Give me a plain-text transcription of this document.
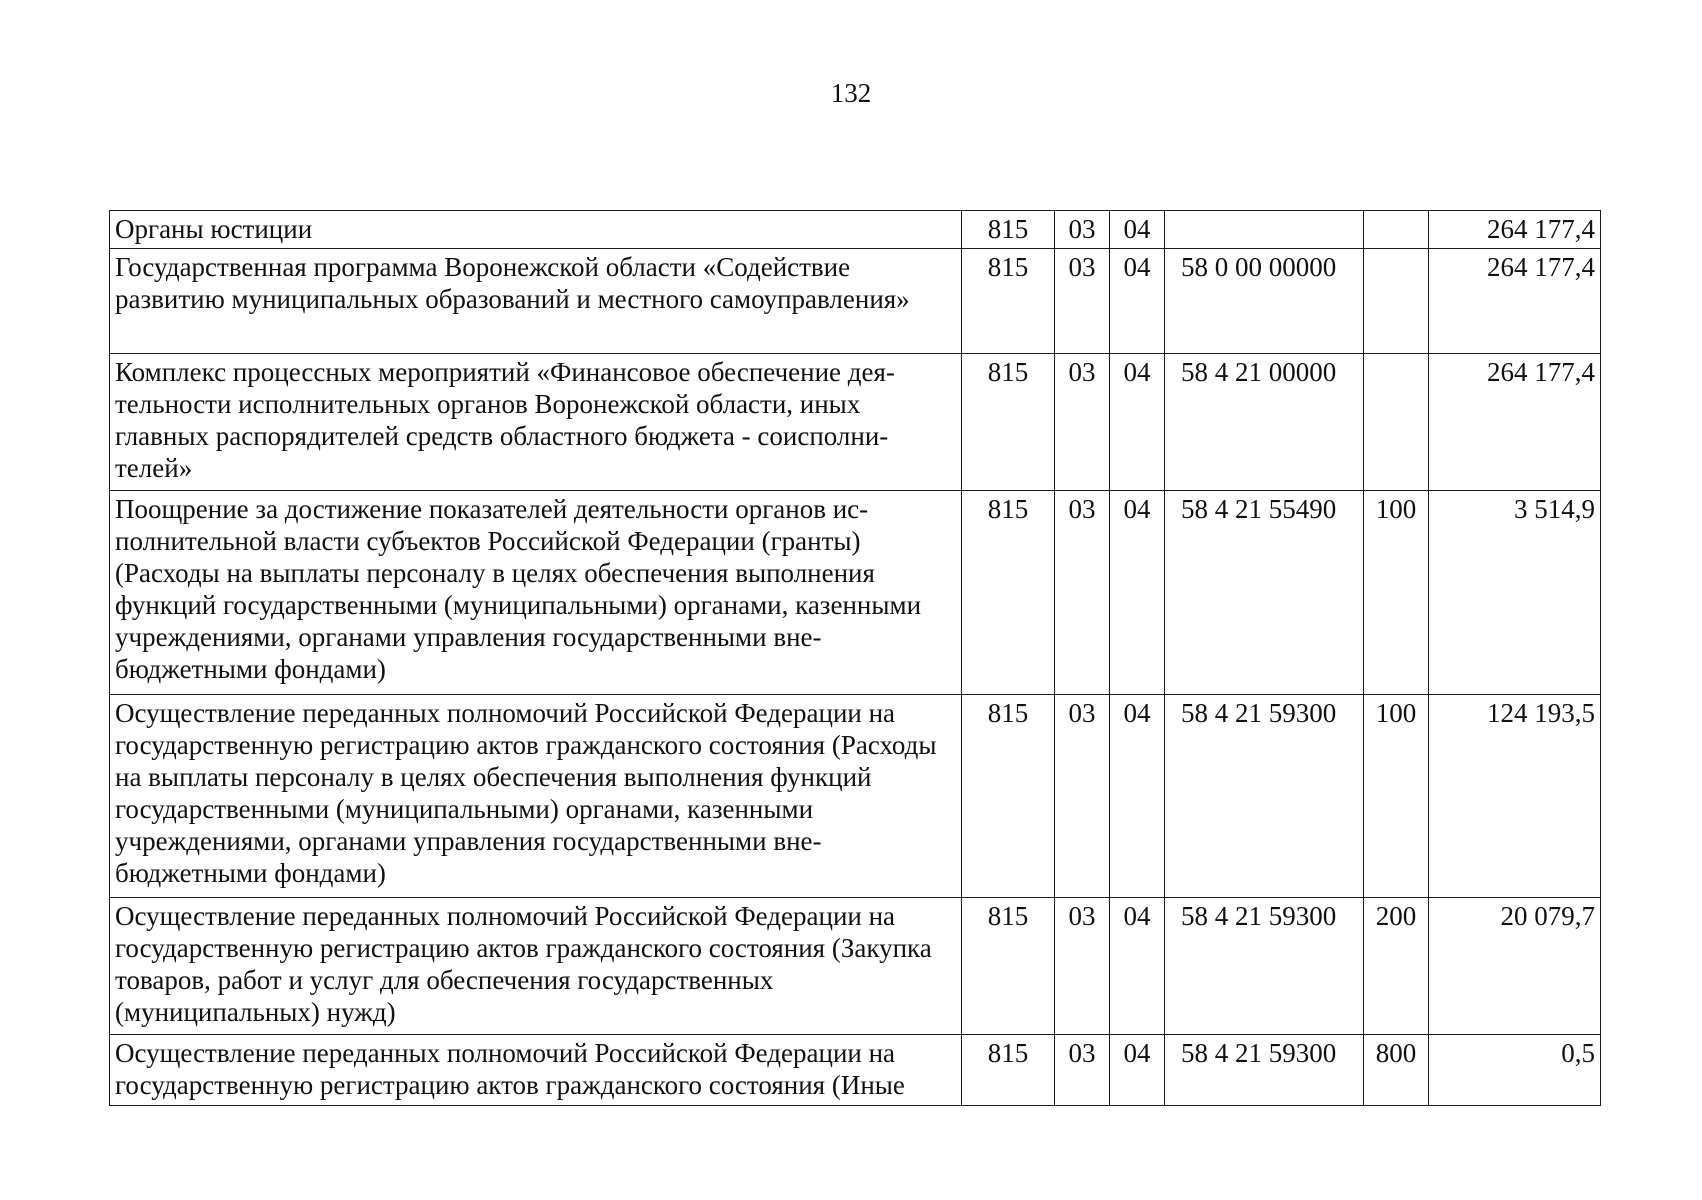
132
Органы юстиции	815	03	04			264 177,4
Государственная программа Воронежской области «Содействие развитию муниципальных образований и местного самоуправления»	815	03	04	58 0 00 00000		264 177,4
Комплекс процессных мероприятий «Финансовое обеспечение деятельности исполнительных органов Воронежской области, иных главных распорядителей средств областного бюджета - соисполнителей»	815	03	04	58 4 21 00000		264 177,4
Поощрение за достижение показателей деятельности органов исполнительной власти субъектов Российской Федерации (гранты) (Расходы на выплаты персоналу в целях обеспечения выполнения функций государственными (муниципальными) органами, казенными учреждениями, органами управления государственными внебюджетными фондами)	815	03	04	58 4 21 55490	100	3 514,9
Осуществление переданных полномочий Российской Федерации на государственную регистрацию актов гражданского состояния (Расходы на выплаты персоналу в целях обеспечения выполнения функций государственными (муниципальными) органами, казенными учреждениями, органами управления государственными внебюджетными фондами)	815	03	04	58 4 21 59300	100	124 193,5
Осуществление переданных полномочий Российской Федерации на государственную регистрацию актов гражданского состояния (Закупка товаров, работ и услуг для обеспечения государственных (муниципальных) нужд)	815	03	04	58 4 21 59300	200	20 079,7
Осуществление переданных полномочий Российской Федерации на государственную регистрацию актов гражданского состояния (Иные	815	03	04	58 4 21 59300	800	0,5
